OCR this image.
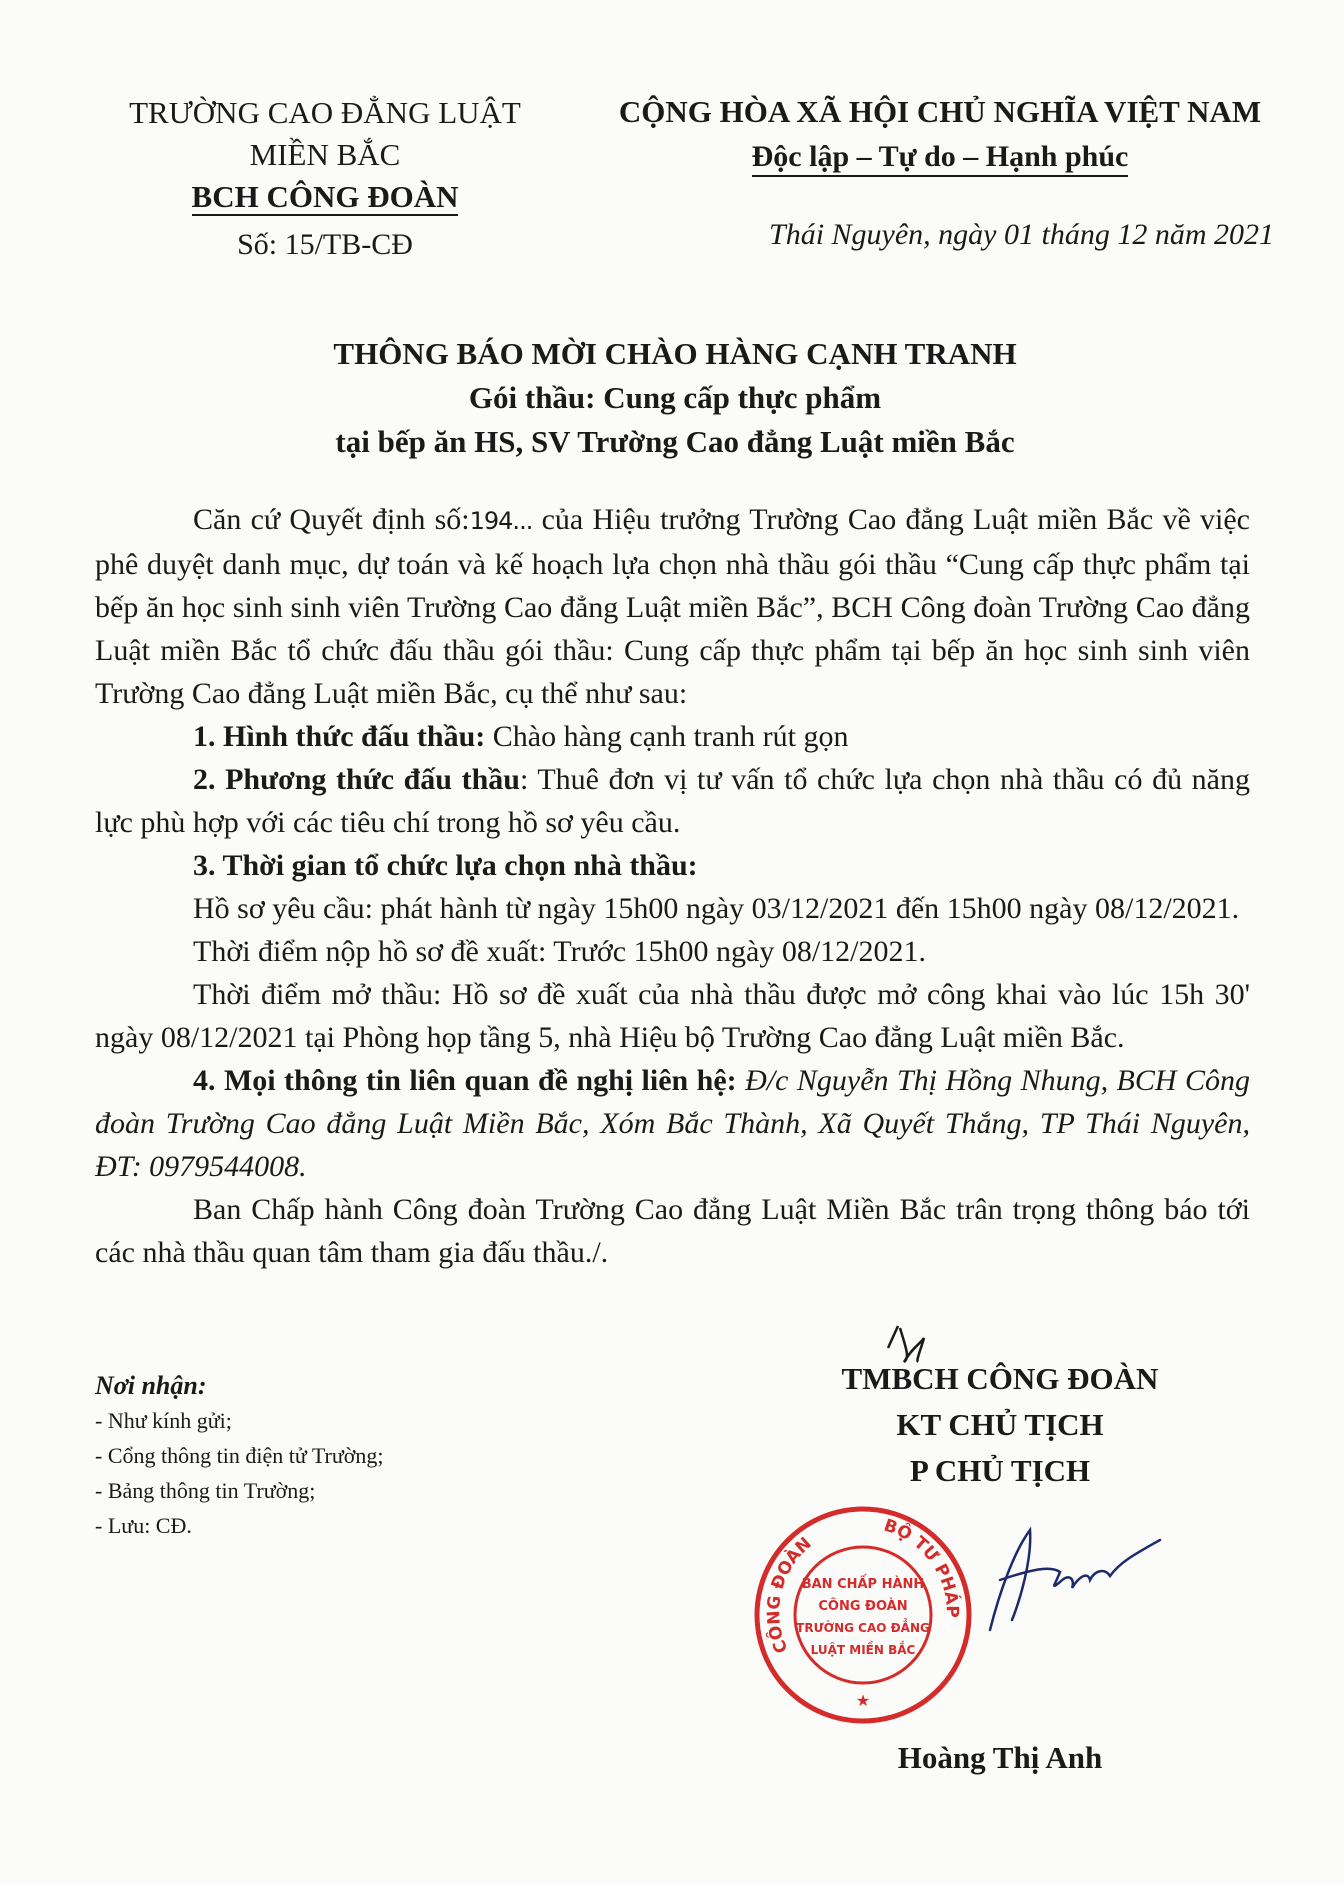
TRƯỜNG CAO ĐẲNG LUẬT
MIỀN BẮC
BCH CÔNG ĐOÀN
Số: 15/TB-CĐ
CỘNG HÒA XÃ HỘI CHỦ NGHĨA VIỆT NAM
Độc lập – Tự do – Hạnh phúc
Thái Nguyên, ngày 01 tháng 12 năm 2021
THÔNG BÁO MỜI CHÀO HÀNG CẠNH TRANH
Gói thầu: Cung cấp thực phẩm
tại bếp ăn HS, SV Trường Cao đẳng Luật miền Bắc

Căn cứ Quyết định số:194... của Hiệu trưởng Trường Cao đẳng Luật miền Bắc về việc phê duyệt danh mục, dự toán và kế hoạch lựa chọn nhà thầu gói thầu “Cung cấp thực phẩm tại bếp ăn học sinh sinh viên Trường Cao đẳng Luật miền Bắc”, BCH Công đoàn Trường Cao đẳng Luật miền Bắc tổ chức đấu thầu gói thầu: Cung cấp thực phẩm tại bếp ăn học sinh sinh viên Trường Cao đẳng Luật miền Bắc, cụ thể như sau:

1. Hình thức đấu thầu: Chào hàng cạnh tranh rút gọn

2. Phương thức đấu thầu: Thuê đơn vị tư vấn tổ chức lựa chọn nhà thầu có đủ năng lực phù hợp với các tiêu chí trong hồ sơ yêu cầu.

3. Thời gian tổ chức lựa chọn nhà thầu:

Hồ sơ yêu cầu: phát hành từ ngày 15h00 ngày 03/12/2021 đến 15h00 ngày 08/12/2021.

Thời điểm nộp hồ sơ đề xuất: Trước 15h00 ngày 08/12/2021.

Thời điểm mở thầu: Hồ sơ đề xuất của nhà thầu được mở công khai vào lúc 15h 30' ngày 08/12/2021 tại Phòng họp tầng 5, nhà Hiệu bộ Trường Cao đẳng Luật miền Bắc.

4. Mọi thông tin liên quan đề nghị liên hệ: Đ/c Nguyễn Thị Hồng Nhung, BCH Công đoàn Trường Cao đẳng Luật Miền Bắc, Xóm Bắc Thành, Xã Quyết Thắng, TP Thái Nguyên, ĐT: 0979544008.

Ban Chấp hành Công đoàn Trường Cao đẳng Luật Miền Bắc trân trọng thông báo tới các nhà thầu quan tâm tham gia đấu thầu./.

Nơi nhận:
- Như kính gửi;
- Cổng thông tin điện tử Trường;
- Bảng thông tin Trường;
- Lưu: CĐ.
TMBCH CÔNG ĐOÀN
KT CHỦ TỊCH
P CHỦ TỊCH
CÔNG ĐOÀN
BỘ TƯ PHÁP
BAN CHẤP HÀNH
CÔNG ĐOÀN
TRƯỜNG CAO ĐẲNG
LUẬT MIỀN BẮC
★
Hoàng Thị Anh
